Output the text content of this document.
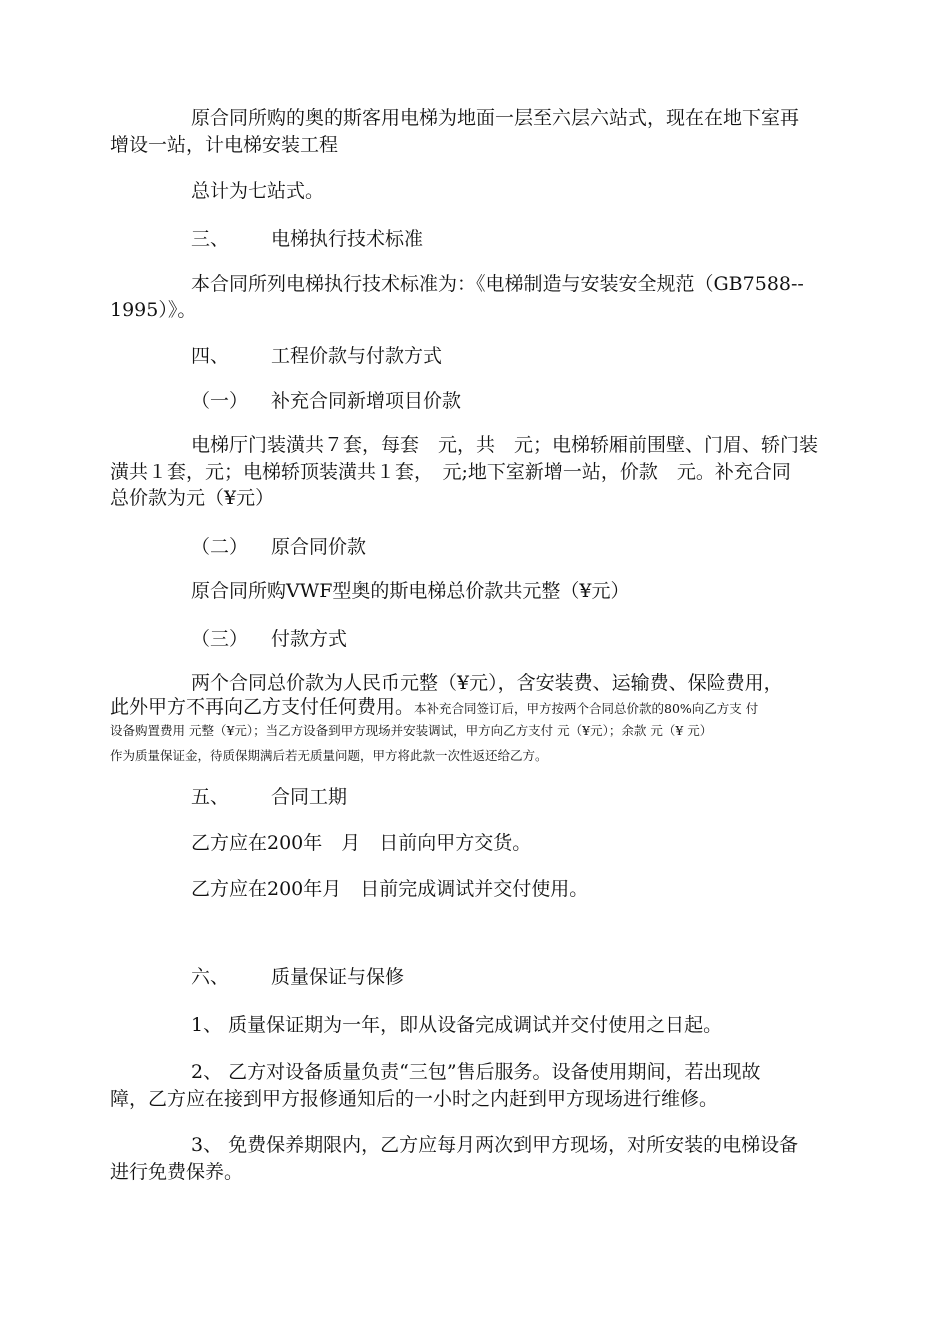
原合同所购的奥的斯客用电梯为地面一层至六层六站式，现在在地下室再

增设一站，计电梯安装工程

总计为七站式。

三、 电梯执行技术标准

本合同所列电梯执行技术标准为：《电梯制造与安装安全规范（GB7588--

1995）》。

四、 工程价款与付款方式

（一） 补充合同新增项目价款

电梯厅门装潢共７套，每套　元，共　元；电梯轿厢前围壁、门眉、轿门装

潢共１套，元；电梯轿顶装潢共１套，　元;地下室新增一站，价款　元。补充合同

总价款为元（¥元）

（二） 原合同价款

原合同所购VWF型奥的斯电梯总价款共元整（¥元）

（三） 付款方式

两个合同总价款为人民币元整（¥元），含安装费、运输费、保险费用，

此外甲方不再向乙方支付任何费用。本补充合同签订后，甲方按两个合同总价款的80%向乙方支 付

设备购置费用 元整（¥元）；当乙方设备到甲方现场并安装调试，甲方向乙方支付 元（¥元）；余款 元（¥ 元）

作为质量保证金，待质保期满后若无质量问题，甲方将此款一次性返还给乙方。

五、 合同工期

乙方应在200年　月　日前向甲方交货。

乙方应在200年月　日前完成调试并交付使用。

六、 质量保证与保修

1、 质量保证期为一年，即从设备完成调试并交付使用之日起。

2、 乙方对设备质量负责“三包”售后服务。设备使用期间，若出现故

障，乙方应在接到甲方报修通知后的一小时之内赶到甲方现场进行维修。

3、 免费保养期限内，乙方应每月两次到甲方现场，对所安装的电梯设备

进行免费保养。
